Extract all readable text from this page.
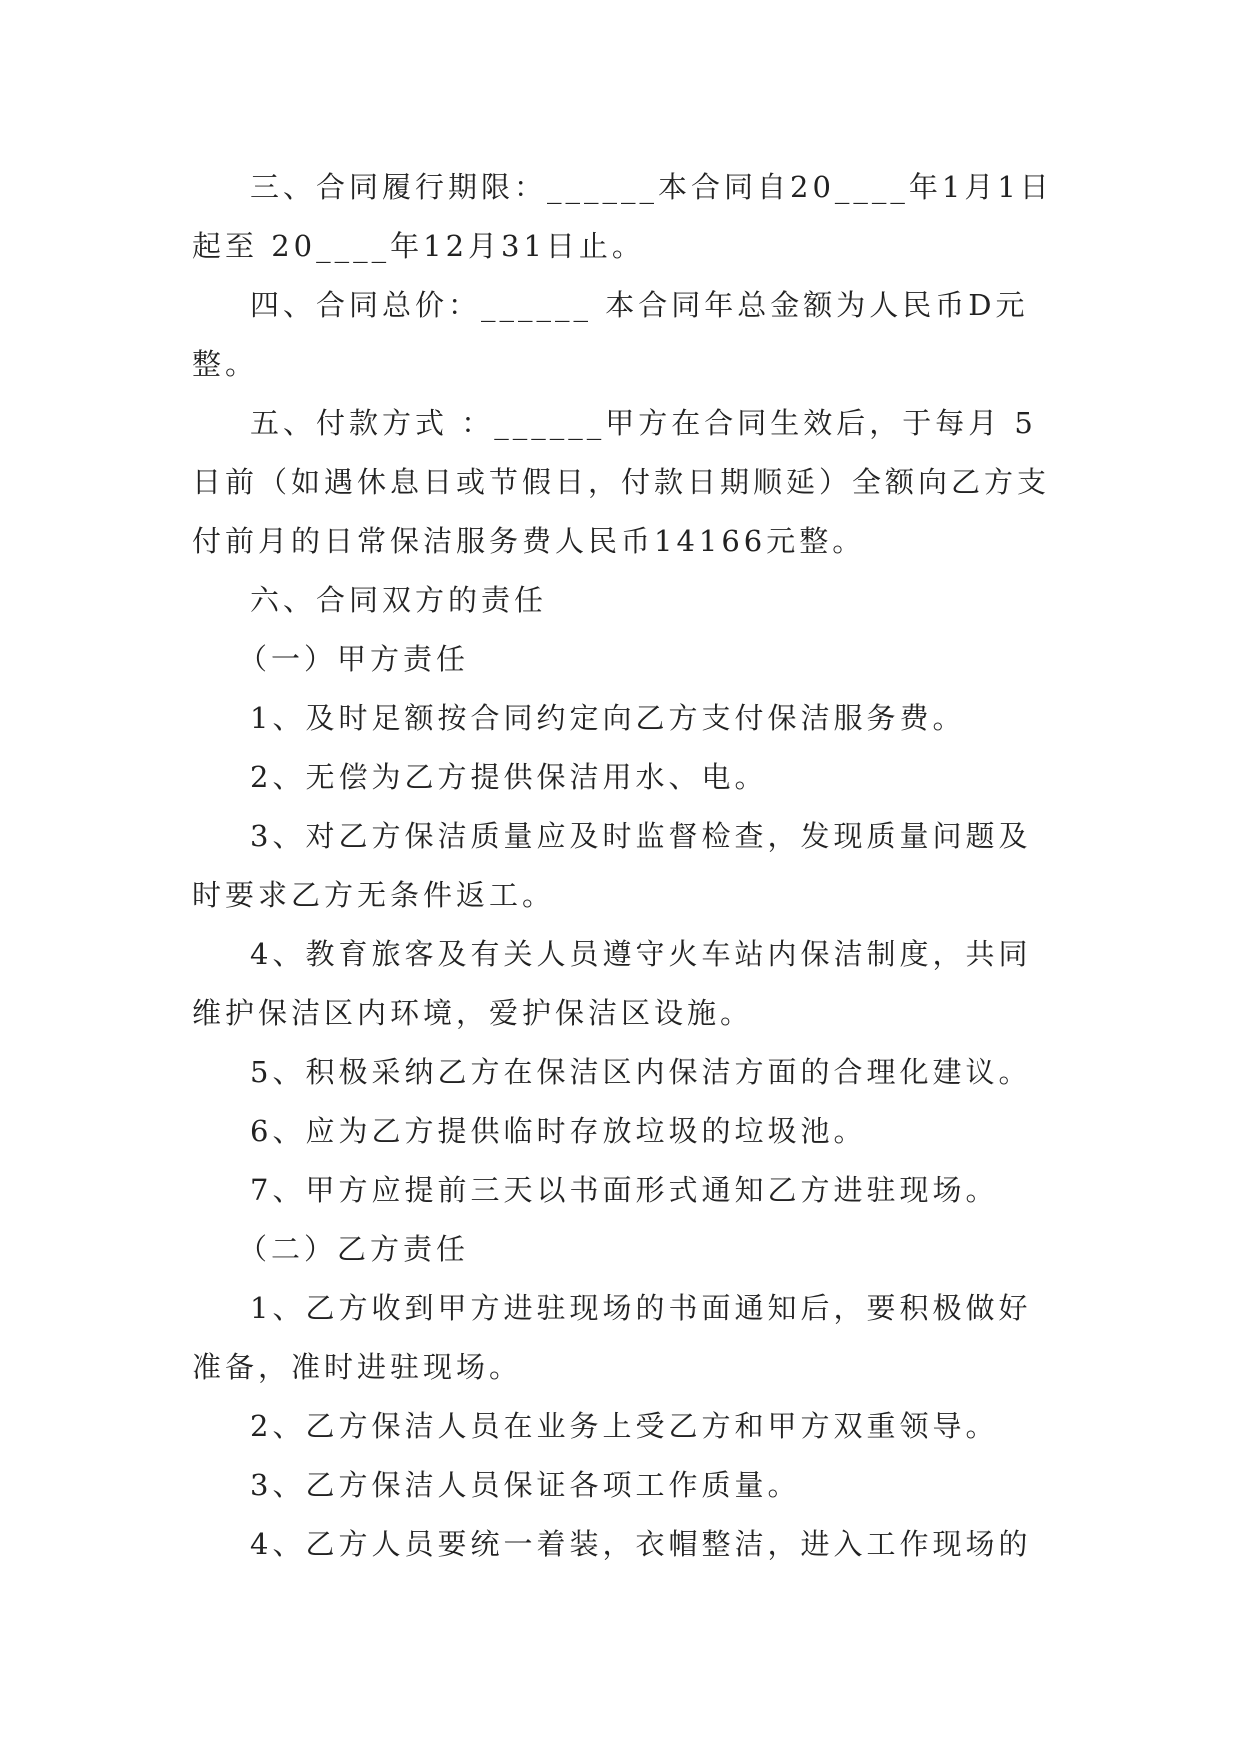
三、合同履行期限：______本合同自20____年1月1日

起至 20____年12月31日止。

四、合同总价：______ 本合同年总金额为人民币D元

整。

五、付款方式 ：______甲方在合同生效后，于每月 5

日前（如遇休息日或节假日，付款日期顺延）全额向乙方支

付前月的日常保洁服务费人民币14166元整。

六、合同双方的责任

（一）甲方责任

1、及时足额按合同约定向乙方支付保洁服务费。

2、无偿为乙方提供保洁用水、电。

3、对乙方保洁质量应及时监督检查，发现质量问题及

时要求乙方无条件返工。

4、教育旅客及有关人员遵守火车站内保洁制度，共同

维护保洁区内环境，爱护保洁区设施。

5、积极采纳乙方在保洁区内保洁方面的合理化建议。

6、应为乙方提供临时存放垃圾的垃圾池。

7、甲方应提前三天以书面形式通知乙方进驻现场。

（二）乙方责任

1、乙方收到甲方进驻现场的书面通知后，要积极做好

准备，准时进驻现场。

2、乙方保洁人员在业务上受乙方和甲方双重领导。

3、乙方保洁人员保证各项工作质量。

4、乙方人员要统一着装，衣帽整洁，进入工作现场的
